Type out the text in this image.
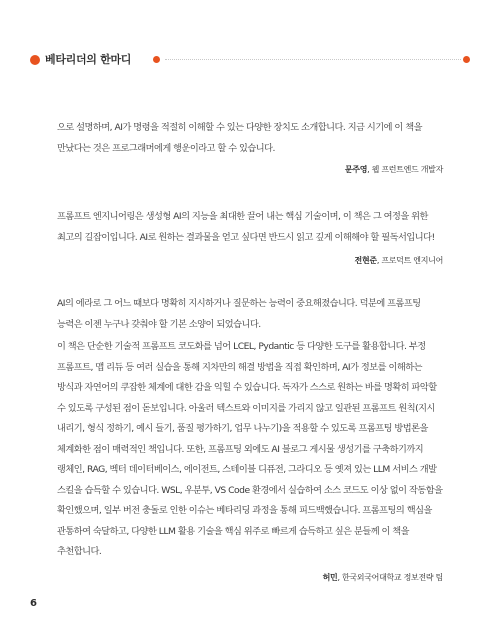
베타리더의 한마디

으로 설명하며, AI가 명령을 적절히 이해할 수 있는 다양한 장치도 소개합니다. 지금 시기에 이 책을 만났다는 것은 프로그래머에게 행운이라고 할 수 있습니다.

문주영, 웹 프런트엔드 개발자

프롬프트 엔지니어링은 생성형 AI의 지능을 최대한 끌어 내는 핵심 기술이며, 이 책은 그 여정을 위한 최고의 길잡이입니다. AI로 원하는 결과물을 얻고 싶다면 반드시 읽고 깊게 이해해야 할 필독서입니다!

전현준, 프로덕트 엔지니어

AI의 에라로 그 어느 때보다 명확히 지시하거나 질문하는 능력이 중요해졌습니다. 덕분에 프롬프팅 능력은 이젠 누구나 갖춰야 할 기본 소양이 되었습니다.

이 책은 단순한 기술적 프롬프트 코도화를 넘어 LCEL, Pydantic 등 다양한 도구를 활용합니다. 부정 프롬프트, 맵 리듀 등 여러 실습을 통해 지차만의 해결 방법을 직접 확인하며, AI가 정보를 이해하는 방식과 자연어의 쿠잡한 체계에 대한 감을 익힐 수 있습니다. 독자가 스스로 원하는 바를 명확히 파악할 수 있도록 구성된 점이 돋보입니다. 아울러 텍스트와 이미지를 가리지 않고 일관된 프롬프트 원칙(지시 내리기, 형식 정하기, 예시 들기, 품질 평가하기, 업무 나누기)을 적용할 수 있도록 프롬프팅 방법론을 체계화한 점이 매력적인 책입니다. 또한, 프롬프팅 외에도 AI 블로그 게시물 생성기를 구축하기까지 랭체인, RAG, 벡터 데이터베이스, 에이전트, 스테이블 디퓨전, 그라디오 등 옛져 있는 LLM 서비스 개발 스킬을 습득할 수 있습니다. WSL, 우분투, VS Code 환경에서 실습하여 소스 코드도 이상 없이 작동함을 확인했으며, 일부 버전 충돌로 인한 이슈는 베타리딩 과정을 통해 피드백했습니다. 프롬프팅의 핵심을 관통하여 숙달하고, 다양한 LLM 활용 기술을 핵심 위주로 빠르게 습득하고 싶은 분들께 이 책을 추천합니다.

허민, 한국외국어대학교 정보전략 팀

6
